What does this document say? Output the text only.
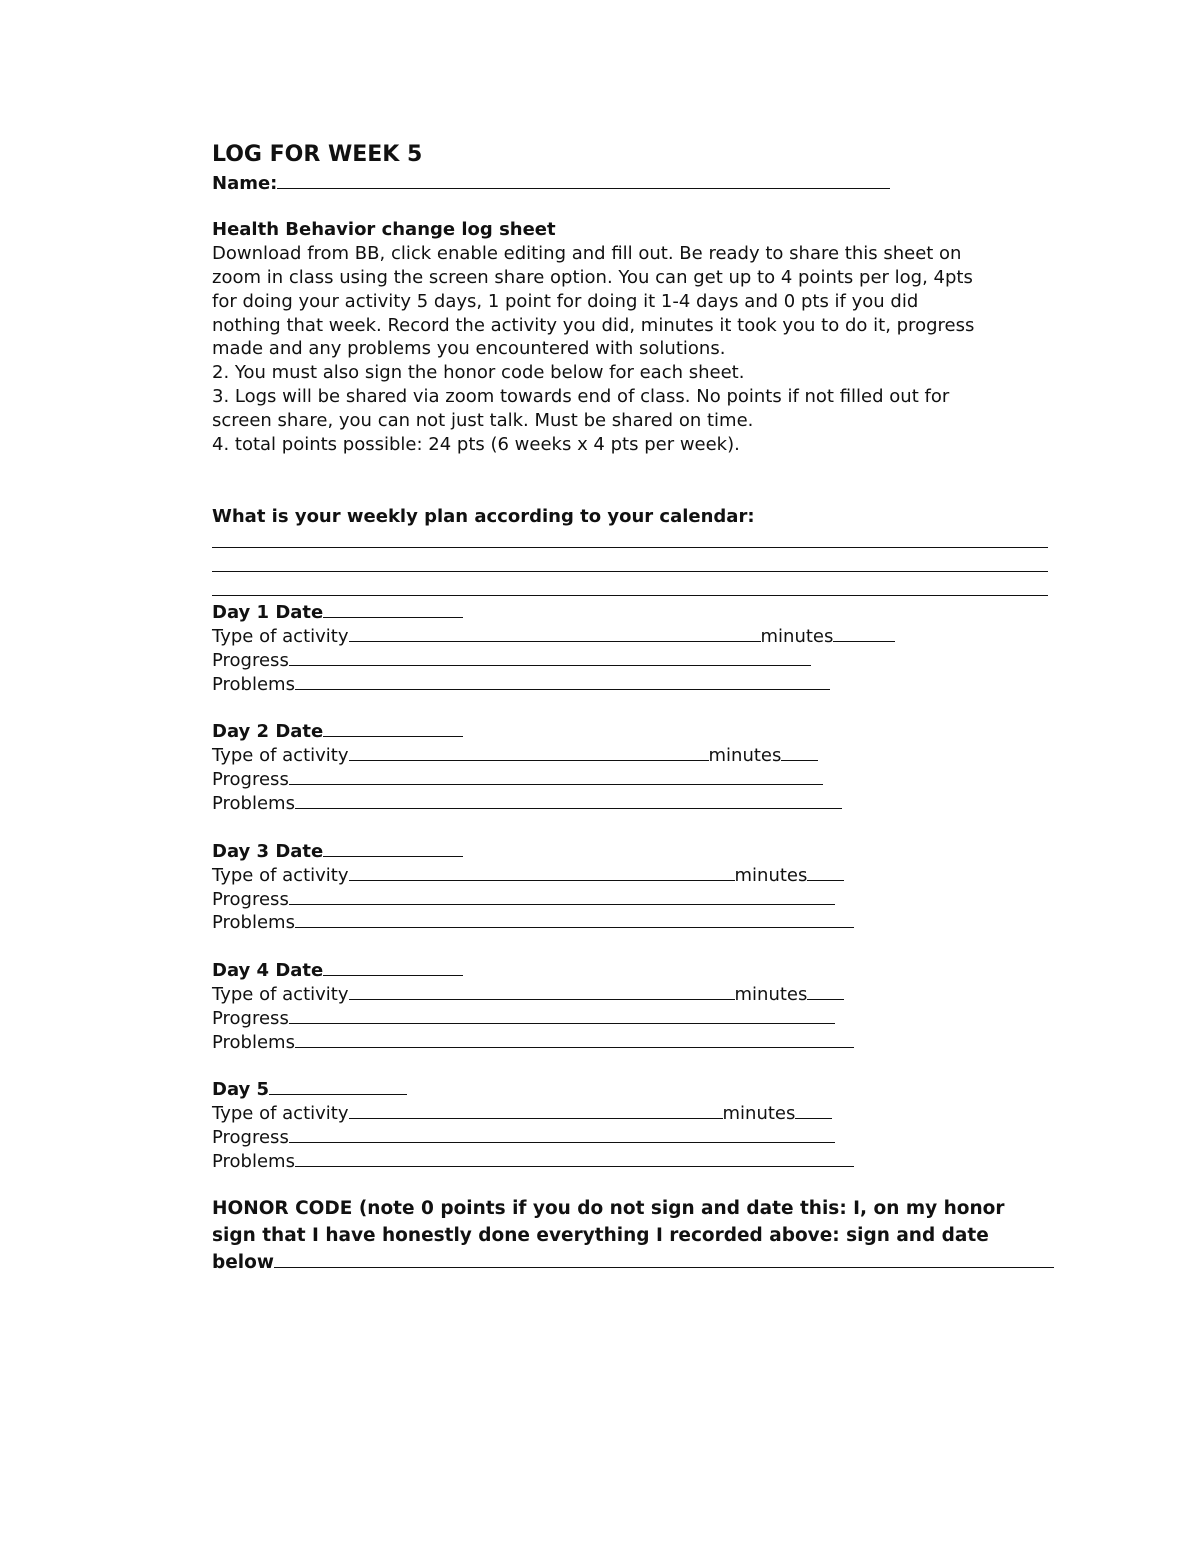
LOG FOR WEEK 5
Name:
Health Behavior change log sheet
Download from BB, click enable editing and fill out. Be ready to share this sheet on
zoom in class using the screen share option. You can get up to 4 points per log, 4pts
for doing your activity 5 days, 1 point for doing it 1-4 days and 0 pts if you did
nothing that week. Record the activity you did, minutes it took you to do it, progress
made and any problems you encountered with solutions.
2. You must also sign the honor code below for each sheet.
3. Logs will be shared via zoom towards end of class. No points if not filled out for
screen share, you can not just talk. Must be shared on time.
4. total points possible: 24 pts (6 weeks x 4 pts per week).
What is your weekly plan according to your calendar:
Day 1 Date
Type of activity	minutes
Progress
Problems
Day 2 Date
Type of activity	minutes
Progress
Problems
Day 3 Date
Type of activity	minutes
Progress
Problems
Day 4 Date
Type of activity	minutes
Progress
Problems
Day 5
Type of activity	minutes
Progress
Problems
HONOR CODE (note 0 points if you do not sign and date this: I, on my honor
sign that I have honestly done everything I recorded above: sign and date
below
